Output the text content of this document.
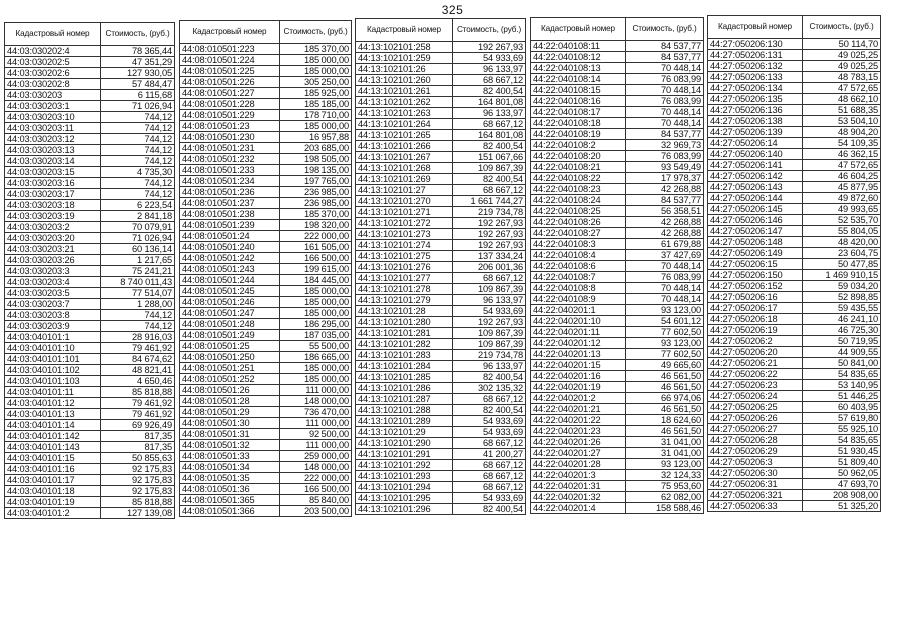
325
Кадастровый номер	Стоимость, (руб.)
44:03:030202:4	78 365,44
44:03:030202:5	47 351,29
44:03:030202:6	127 930,05
44:03:030202:8	57 484,47
44:03:030203	6 115,68
44:03:030203:1	71 026,94
44:03:030203:10	744,12
44:03:030203:11	744,12
44:03:030203:12	744,12
44:03:030203:13	744,12
44:03:030203:14	744,12
44:03:030203:15	4 735,30
44:03:030203:16	744,12
44:03:030203:17	744,12
44:03:030203:18	6 223,54
44:03:030203:19	2 841,18
44:03:030203:2	70 079,91
44:03:030203:20	71 026,94
44:03:030203:21	60 136,14
44:03:030203:26	1 217,65
44:03:030203:3	75 241,21
44:03:030203:4	8 740 011,43
44:03:030203:5	77 514,07
44:03:030203:7	1 288,00
44:03:030203:8	744,12
44:03:030203:9	744,12
44:03:040101:1	28 916,03
44:03:040101:10	79 461,92
44:03:040101:101	84 674,62
44:03:040101:102	48 821,41
44:03:040101:103	4 650,46
44:03:040101:11	85 818,88
44:03:040101:12	79 461,92
44:03:040101:13	79 461,92
44:03:040101:14	69 926,49
44:03:040101:142	817,35
44:03:040101:143	817,35
44:03:040101:15	50 855,63
44:03:040101:16	92 175,83
44:03:040101:17	92 175,83
44:03:040101:18	92 175,83
44:03:040101:19	85 818,88
44:03:040101:2	127 139,08
Кадастровый номер	Стоимость, (руб.)
44:08:010501:223	185 370,00
44:08:010501:224	185 000,00
44:08:010501:225	185 000,00
44:08:010501:226	305 250,00
44:08:010501:227	185 925,00
44:08:010501:228	185 185,00
44:08:010501:229	178 710,00
44:08:010501:23	185 000,00
44:08:010501:230	16 957,88
44:08:010501:231	203 685,00
44:08:010501:232	198 505,00
44:08:010501:233	198 135,00
44:08:010501:234	197 765,00
44:08:010501:236	236 985,00
44:08:010501:237	236 985,00
44:08:010501:238	185 370,00
44:08:010501:239	198 320,00
44:08:010501:24	222 000,00
44:08:010501:240	161 505,00
44:08:010501:242	166 500,00
44:08:010501:243	199 615,00
44:08:010501:244	184 445,00
44:08:010501:245	185 000,00
44:08:010501:246	185 000,00
44:08:010501:247	185 000,00
44:08:010501:248	186 295,00
44:08:010501:249	187 035,00
44:08:010501:25	55 500,00
44:08:010501:250	186 665,00
44:08:010501:251	185 000,00
44:08:010501:252	185 000,00
44:08:010501:26	111 000,00
44:08:010501:28	148 000,00
44:08:010501:29	736 470,00
44:08:010501:30	111 000,00
44:08:010501:31	92 500,00
44:08:010501:32	111 000,00
44:08:010501:33	259 000,00
44:08:010501:34	148 000,00
44:08:010501:35	222 000,00
44:08:010501:36	166 500,00
44:08:010501:365	85 840,00
44:08:010501:366	203 500,00
Кадастровый номер	Стоимость, (руб.)
44:13:102101:258	192 267,93
44:13:102101:259	54 933,69
44:13:102101:26	96 133,97
44:13:102101:260	68 667,12
44:13:102101:261	82 400,54
44:13:102101:262	164 801,08
44:13:102101:263	96 133,97
44:13:102101:264	68 667,12
44:13:102101:265	164 801,08
44:13:102101:266	82 400,54
44:13:102101:267	151 067,66
44:13:102101:268	109 867,39
44:13:102101:269	82 400,54
44:13:102101:27	68 667,12
44:13:102101:270	1 661 744,27
44:13:102101:271	219 734,78
44:13:102101:272	192 267,93
44:13:102101:273	192 267,93
44:13:102101:274	192 267,93
44:13:102101:275	137 334,24
44:13:102101:276	206 001,36
44:13:102101:277	68 667,12
44:13:102101:278	109 867,39
44:13:102101:279	96 133,97
44:13:102101:28	54 933,69
44:13:102101:280	192 267,93
44:13:102101:281	109 867,39
44:13:102101:282	109 867,39
44:13:102101:283	219 734,78
44:13:102101:284	96 133,97
44:13:102101:285	82 400,54
44:13:102101:286	302 135,32
44:13:102101:287	68 667,12
44:13:102101:288	82 400,54
44:13:102101:289	54 933,69
44:13:102101:29	54 933,69
44:13:102101:290	68 667,12
44:13:102101:291	41 200,27
44:13:102101:292	68 667,12
44:13:102101:293	68 667,12
44:13:102101:294	68 667,12
44:13:102101:295	54 933,69
44:13:102101:296	82 400,54
Кадастровый номер	Стоимость, (руб.)
44:22:040108:11	84 537,77
44:22:040108:12	84 537,77
44:22:040108:13	70 448,14
44:22:040108:14	76 083,99
44:22:040108:15	70 448,14
44:22:040108:16	76 083,99
44:22:040108:17	70 448,14
44:22:040108:18	70 448,14
44:22:040108:19	84 537,77
44:22:040108:2	32 969,73
44:22:040108:20	76 083,99
44:22:040108:21	93 549,49
44:22:040108:22	17 978,37
44:22:040108:23	42 268,88
44:22:040108:24	84 537,77
44:22:040108:25	56 358,51
44:22:040108:26	42 268,88
44:22:040108:27	42 268,88
44:22:040108:3	61 679,88
44:22:040108:4	37 427,69
44:22:040108:6	70 448,14
44:22:040108:7	76 083,99
44:22:040108:8	70 448,14
44:22:040108:9	70 448,14
44:22:040201:1	93 123,00
44:22:040201:10	54 601,12
44:22:040201:11	77 602,50
44:22:040201:12	93 123,00
44:22:040201:13	77 602,50
44:22:040201:15	49 665,60
44:22:040201:16	46 561,50
44:22:040201:19	46 561,50
44:22:040201:2	66 974,06
44:22:040201:21	46 561,50
44:22:040201:22	18 624,60
44:22:040201:23	46 561,50
44:22:040201:26	31 041,00
44:22:040201:27	31 041,00
44:22:040201:28	93 123,00
44:22:040201:3	32 124,33
44:22:040201:31	75 953,60
44:22:040201:32	62 082,00
44:22:040201:4	158 588,46
Кадастровый номер	Стоимость, (руб.)
44:27:050206:130	50 114,70
44:27:050206:131	49 025,25
44:27:050206:132	49 025,25
44:27:050206:133	48 783,15
44:27:050206:134	47 572,65
44:27:050206:135	48 662,10
44:27:050206:136	51 688,35
44:27:050206:138	53 504,10
44:27:050206:139	48 904,20
44:27:050206:14	54 109,35
44:27:050206:140	46 362,15
44:27:050206:141	47 572,65
44:27:050206:142	46 604,25
44:27:050206:143	45 877,95
44:27:050206:144	49 872,60
44:27:050206:145	49 993,65
44:27:050206:146	52 535,70
44:27:050206:147	55 804,05
44:27:050206:148	48 420,00
44:27:050206:149	23 604,75
44:27:050206:15	50 477,85
44:27:050206:150	1 469 910,15
44:27:050206:152	59 034,20
44:27:050206:16	52 898,85
44:27:050206:17	59 435,55
44:27:050206:18	46 241,10
44:27:050206:19	46 725,30
44:27:050206:2	50 719,95
44:27:050206:20	44 909,55
44:27:050206:21	50 841,00
44:27:050206:22	54 835,65
44:27:050206:23	53 140,95
44:27:050206:24	51 446,25
44:27:050206:25	60 403,95
44:27:050206:26	57 619,80
44:27:050206:27	55 925,10
44:27:050206:28	54 835,65
44:27:050206:29	51 930,45
44:27:050206:3	51 809,40
44:27:050206:30	50 962,05
44:27:050206:31	47 693,70
44:27:050206:321	208 908,00
44:27:050206:33	51 325,20
